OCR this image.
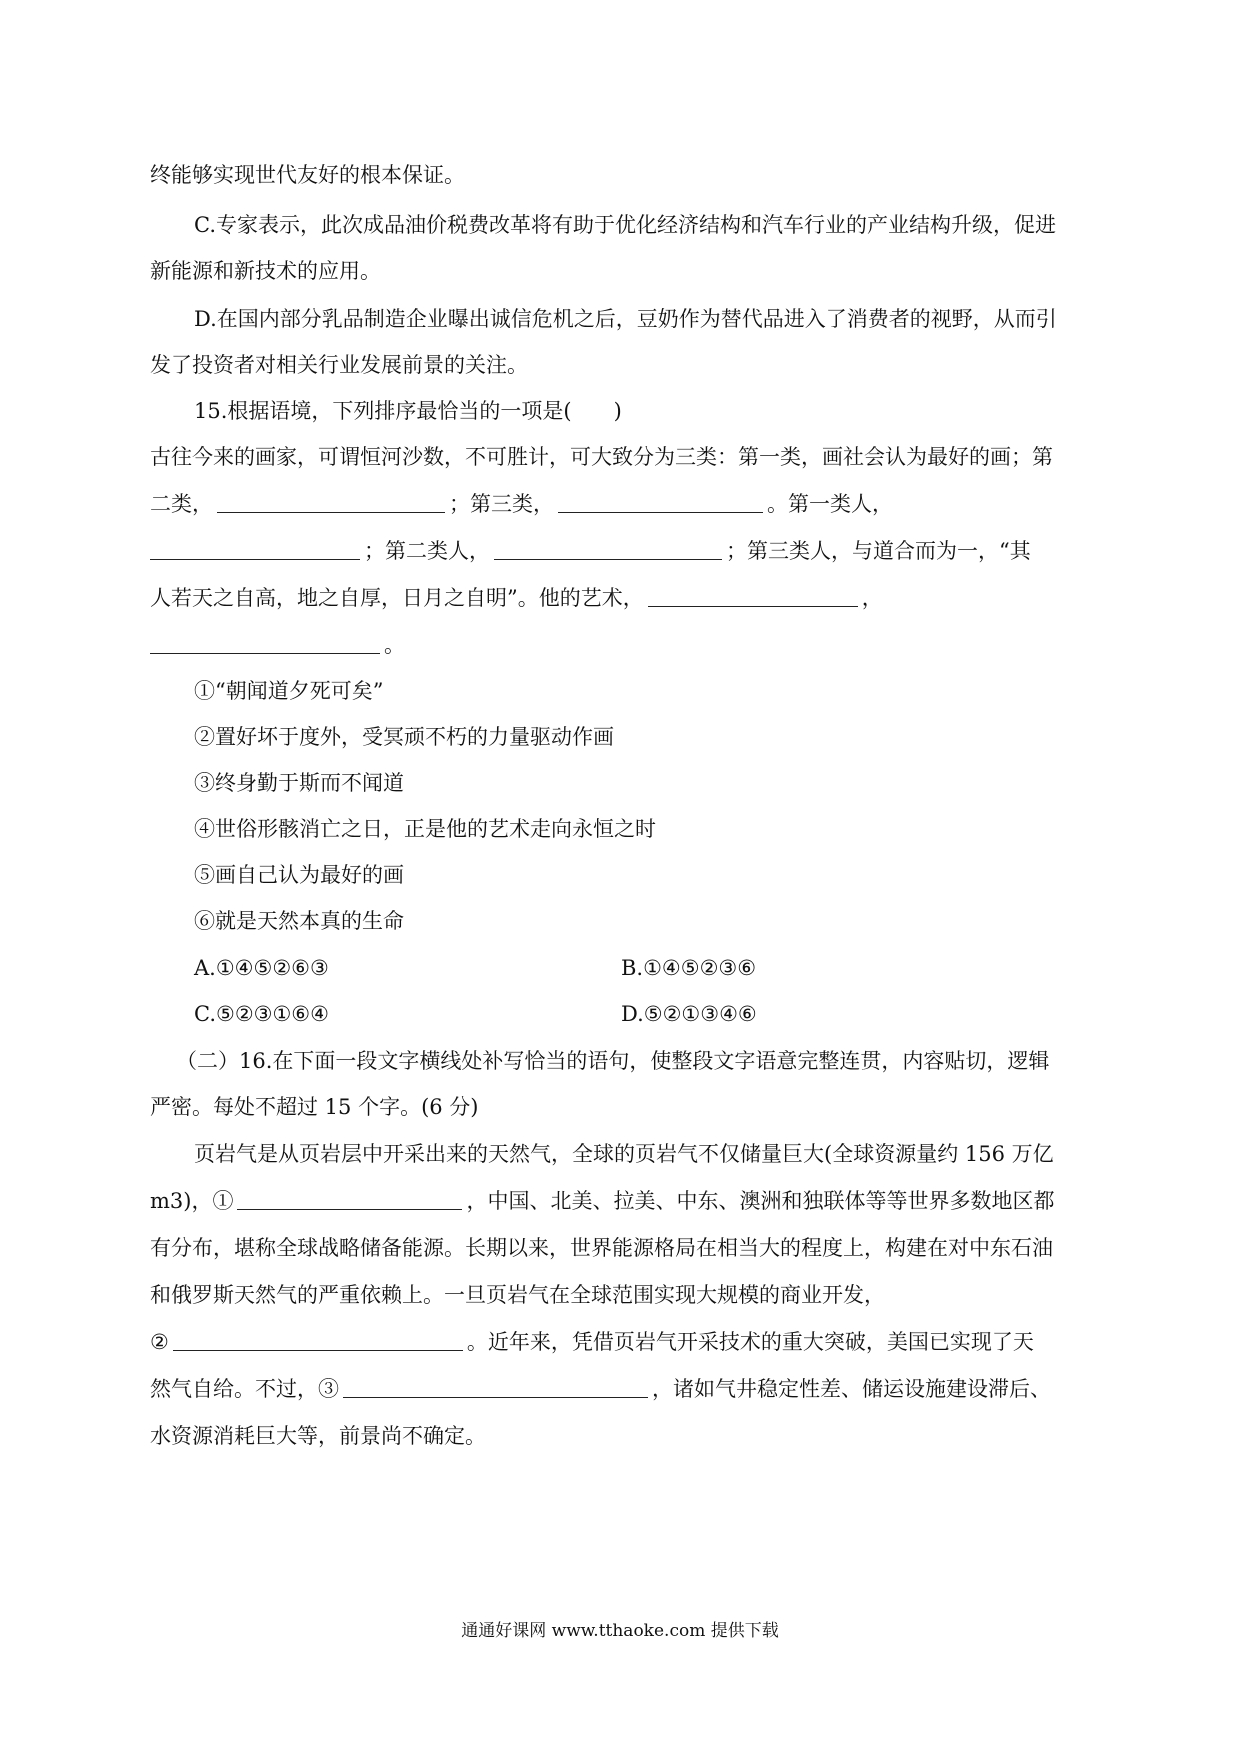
终能够实现世代友好的根本保证。
C.专家表示，此次成品油价税费改革将有助于优化经济结构和汽车行业的产业结构升级，促进
新能源和新技术的应用。
D.在国内部分乳品制造企业曝出诚信危机之后，豆奶作为替代品进入了消费者的视野，从而引
发了投资者对相关行业发展前景的关注。
15.根据语境，下列排序最恰当的一项是(　　)
古往今来的画家，可谓恒河沙数，不可胜计，可大致分为三类：第一类，画社会认为最好的画；第
二类，	；第三类，	。第一类人，
；第二类人，	；第三类人，与道合而为一，“其
人若天之自高，地之自厚，日月之自明”。他的艺术，	，
。
①“朝闻道夕死可矣”
②置好坏于度外，受冥顽不朽的力量驱动作画
③终身勤于斯而不闻道
④世俗形骸消亡之日，正是他的艺术走向永恒之时
⑤画自己认为最好的画
⑥就是天然本真的生命
A.①④⑤②⑥③	B.①④⑤②③⑥
C.⑤②③①⑥④	D.⑤②①③④⑥
（二）16.在下面一段文字横线处补写恰当的语句，使整段文字语意完整连贯，内容贴切，逻辑
严密。每处不超过 15 个字。(6 分)
页岩气是从页岩层中开采出来的天然气，全球的页岩气不仅储量巨大(全球资源量约 156 万亿
m3)，①	，中国、北美、拉美、中东、澳洲和独联体等等世界多数地区都
有分布，堪称全球战略储备能源。长期以来，世界能源格局在相当大的程度上，构建在对中东石油
和俄罗斯天然气的严重依赖上。一旦页岩气在全球范围实现大规模的商业开发，
②	。近年来，凭借页岩气开采技术的重大突破，美国已实现了天
然气自给。不过，③	，诸如气井稳定性差、储运设施建设滞后、
水资源消耗巨大等，前景尚不确定。
通通好课网 www.tthaoke.com 提供下载
